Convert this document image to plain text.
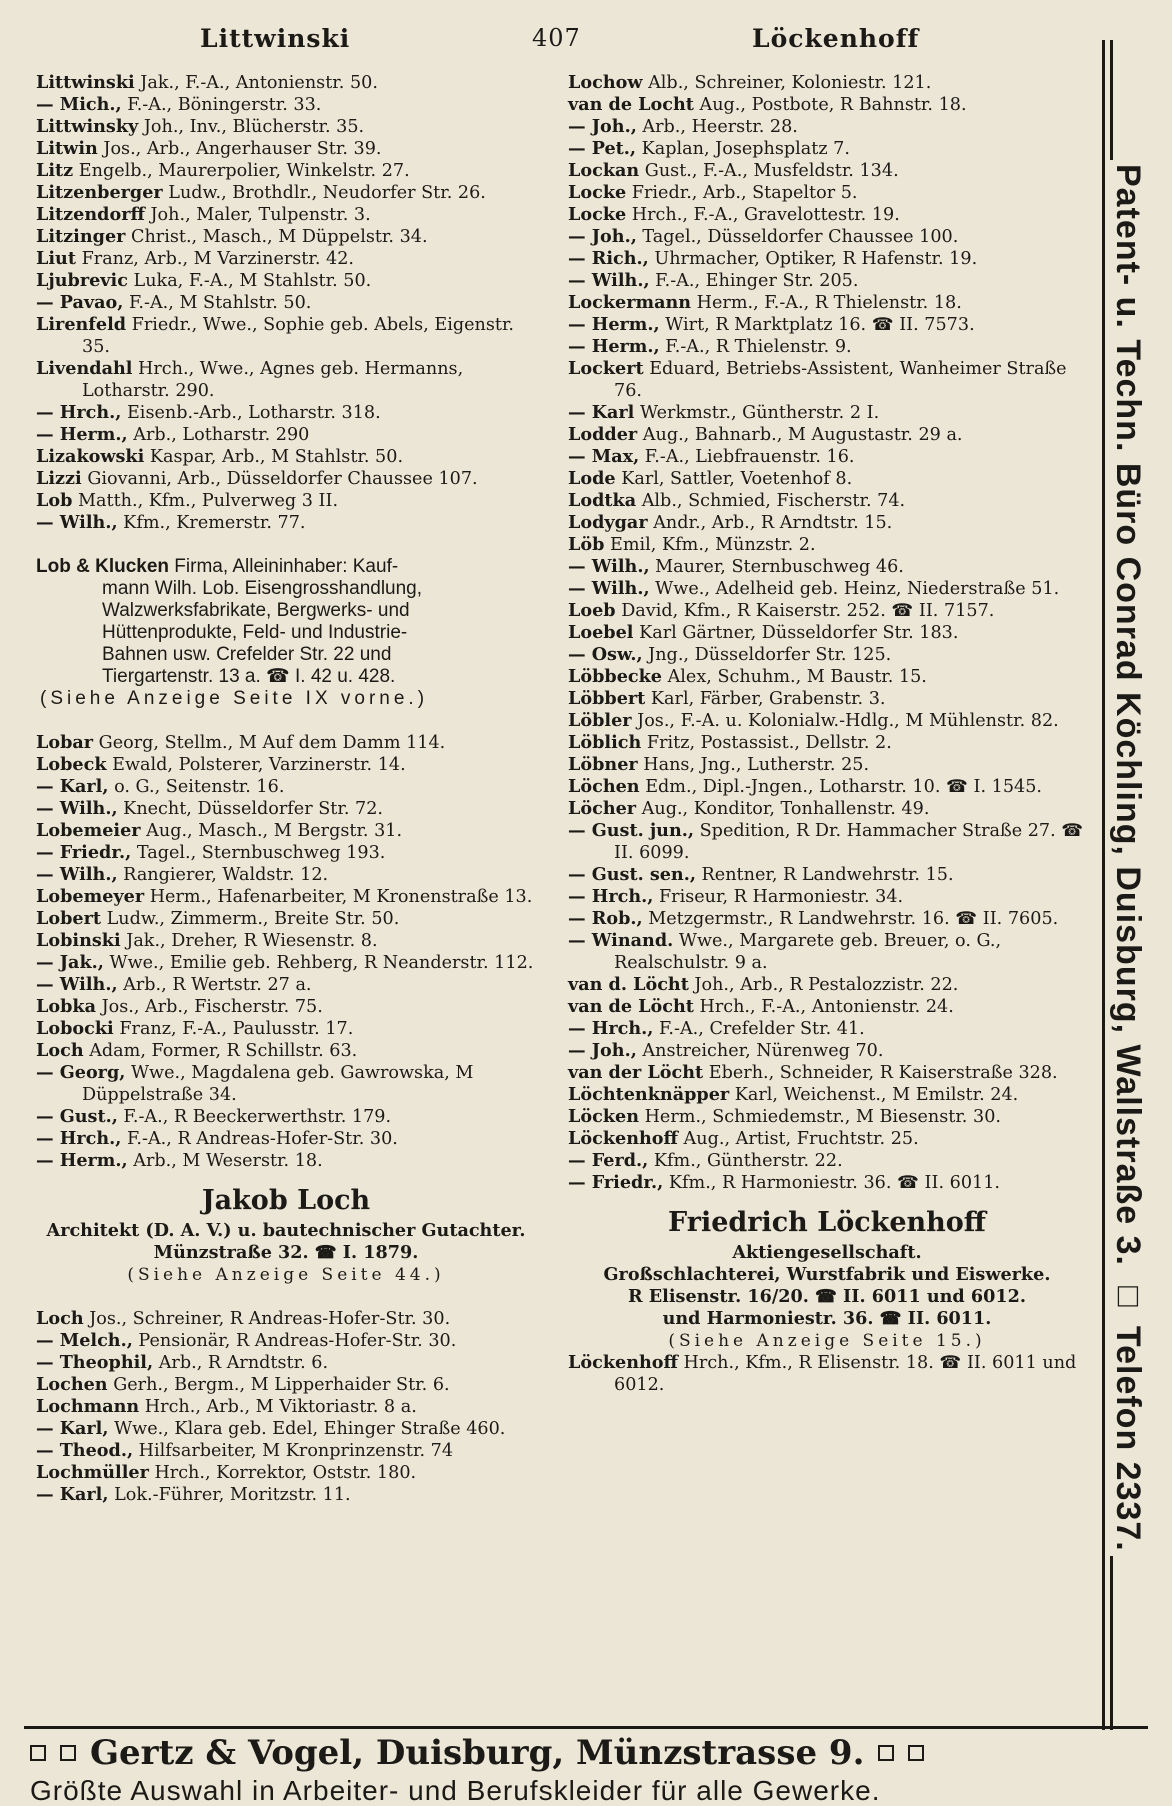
Littwinski	407	Löckenhoff

Littwinski Jak., F.-A., Antonienstr. 50.

— Mich., F.-A., Böningerstr. 33.

Littwinsky Joh., Inv., Blücherstr. 35.

Litwin Jos., Arb., Angerhauser Str. 39.

Litz Engelb., Maurerpolier, Winkelstr. 27.

Litzenberger Ludw., Brothdlr., Neudorfer Str. 26.

Litzendorff Joh., Maler, Tulpenstr. 3.

Litzinger Christ., Masch., M Düppelstr. 34.

Liut Franz, Arb., M Varzinerstr. 42.

Ljubrevic Luka, F.-A., M Stahlstr. 50.

— Pavao, F.-A., M Stahlstr. 50.

Lirenfeld Friedr., Wwe., Sophie geb. Abels, Eigenstr. 35.

Livendahl Hrch., Wwe., Agnes geb. Hermanns, Lotharstr. 290.

— Hrch., Eisenb.-Arb., Lotharstr. 318.

— Herm., Arb., Lotharstr. 290

Lizakowski Kaspar, Arb., M Stahlstr. 50.

Lizzi Giovanni, Arb., Düsseldorfer Chaussee 107.

Lob Matth., Kfm., Pulverweg 3 II.

— Wilh., Kfm., Kremerstr. 77.

Lob & Klucken Firma, Alleininhaber: Kauf-
mann Wilh. Lob. Eisengrosshandlung,
Walzwerksfabrikate, Bergwerks- und
Hüttenprodukte, Feld- und Industrie-
Bahnen usw. Crefelder Str. 22 und
Tiergartenstr. 13 a. ☎ I. 42 u. 428.

(Siehe Anzeige Seite IX vorne.)

Lobar Georg, Stellm., M Auf dem Damm 114.

Lobeck Ewald, Polsterer, Varzinerstr. 14.

— Karl, o. G., Seitenstr. 16.

— Wilh., Knecht, Düsseldorfer Str. 72.

Lobemeier Aug., Masch., M Bergstr. 31.

— Friedr., Tagel., Sternbuschweg 193.

— Wilh., Rangierer, Waldstr. 12.

Lobemeyer Herm., Hafenarbeiter, M Kronenstraße 13.

Lobert Ludw., Zimmerm., Breite Str. 50.

Lobinski Jak., Dreher, R Wiesenstr. 8.

— Jak., Wwe., Emilie geb. Rehberg, R Neanderstr. 112.

— Wilh., Arb., R Wertstr. 27 a.

Lobka Jos., Arb., Fischerstr. 75.

Lobocki Franz, F.-A., Paulusstr. 17.

Loch Adam, Former, R Schillstr. 63.

— Georg, Wwe., Magdalena geb. Gawrowska, M Düppelstraße 34.

— Gust., F.-A., R Beeckerwerthstr. 179.

— Hrch., F.-A., R Andreas-Hofer-Str. 30.

— Herm., Arb., M Weserstr. 18.

Jakob Loch

Architekt (D. A. V.) u. bautechnischer Gutachter.

Münzstraße 32. ☎ I. 1879.

(Siehe Anzeige Seite 44.)

Loch Jos., Schreiner, R Andreas-Hofer-Str. 30.

— Melch., Pensionär, R Andreas-Hofer-Str. 30.

— Theophil, Arb., R Arndtstr. 6.

Lochen Gerh., Bergm., M Lipperhaider Str. 6.

Lochmann Hrch., Arb., M Viktoriastr. 8 a.

— Karl, Wwe., Klara geb. Edel, Ehinger Straße 460.

— Theod., Hilfsarbeiter, M Kronprinzenstr. 74

Lochmüller Hrch., Korrektor, Oststr. 180.

— Karl, Lok.-Führer, Moritzstr. 11.

Lochow Alb., Schreiner, Koloniestr. 121.

van de Locht Aug., Postbote, R Bahnstr. 18.

— Joh., Arb., Heerstr. 28.

— Pet., Kaplan, Josephsplatz 7.

Lockan Gust., F.-A., Musfeldstr. 134.

Locke Friedr., Arb., Stapeltor 5.

Locke Hrch., F.-A., Gravelottestr. 19.

— Joh., Tagel., Düsseldorfer Chaussee 100.

— Rich., Uhrmacher, Optiker, R Hafenstr. 19.

— Wilh., F.-A., Ehinger Str. 205.

Lockermann Herm., F.-A., R Thielenstr. 18.

— Herm., Wirt, R Marktplatz 16. ☎ II. 7573.

— Herm., F.-A., R Thielenstr. 9.

Lockert Eduard, Betriebs-Assistent, Wanheimer Straße 76.

— Karl Werkmstr., Güntherstr. 2 I.

Lodder Aug., Bahnarb., M Augustastr. 29 a.

— Max, F.-A., Liebfrauenstr. 16.

Lode Karl, Sattler, Voetenhof 8.

Lodtka Alb., Schmied, Fischerstr. 74.

Lodygar Andr., Arb., R Arndtstr. 15.

Löb Emil, Kfm., Münzstr. 2.

— Wilh., Maurer, Sternbuschweg 46.

— Wilh., Wwe., Adelheid geb. Heinz, Niederstraße 51.

Loeb David, Kfm., R Kaiserstr. 252. ☎ II. 7157.

Loebel Karl Gärtner, Düsseldorfer Str. 183.

— Osw., Jng., Düsseldorfer Str. 125.

Löbbecke Alex, Schuhm., M Baustr. 15.

Löbbert Karl, Färber, Grabenstr. 3.

Löbler Jos., F.-A. u. Kolonialw.-Hdlg., M Mühlenstr. 82.

Löblich Fritz, Postassist., Dellstr. 2.

Löbner Hans, Jng., Lutherstr. 25.

Löchen Edm., Dipl.-Jngen., Lotharstr. 10. ☎ I. 1545.

Löcher Aug., Konditor, Tonhallenstr. 49.

— Gust. jun., Spedition, R Dr. Hammacher Straße 27. ☎ II. 6099.

— Gust. sen., Rentner, R Landwehrstr. 15.

— Hrch., Friseur, R Harmoniestr. 34.

— Rob., Metzgermstr., R Landwehrstr. 16. ☎ II. 7605.

— Winand. Wwe., Margarete geb. Breuer, o. G., Realschulstr. 9 a.

van d. Löcht Joh., Arb., R Pestalozzistr. 22.

van de Löcht Hrch., F.-A., Antonienstr. 24.

— Hrch., F.-A., Crefelder Str. 41.

— Joh., Anstreicher, Nürenweg 70.

van der Löcht Eberh., Schneider, R Kaiserstraße 328.

Löchtenknäpper Karl, Weichenst., M Emilstr. 24.

Löcken Herm., Schmiedemstr., M Biesenstr. 30.

Löckenhoff Aug., Artist, Fruchtstr. 25.

— Ferd., Kfm., Güntherstr. 22.

— Friedr., Kfm., R Harmoniestr. 36. ☎ II. 6011.

Friedrich Löckenhoff

Aktiengesellschaft.

Großschlachterei, Wurstfabrik und Eiswerke.

R Elisenstr. 16/20. ☎ II. 6011 und 6012.

und Harmoniestr. 36. ☎ II. 6011.

(Siehe Anzeige Seite 15.)

Löckenhoff Hrch., Kfm., R Elisenstr. 18. ☎ II. 6011 und 6012.	Patent- u. Techn. Büro Conrad Köchling, Duisburg, Wallstraße 3. □ Telefon 2337.
Gertz & Vogel, Duisburg, Münzstrasse 9.
Größte Auswahl in Arbeiter- und Berufskleider für alle Gewerke.
